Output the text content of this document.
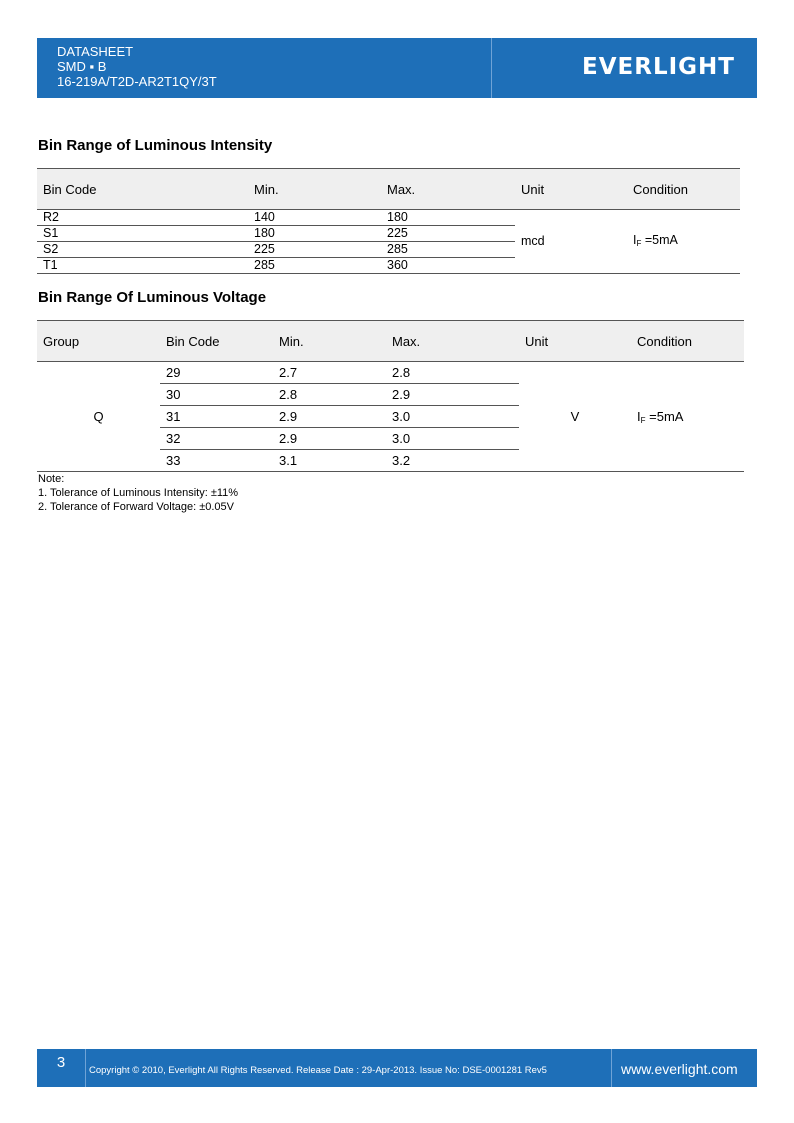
DATASHEET
SMD ▪ B
16-219A/T2D-AR2T1QY/3T
EVERLIGHT
Bin Range of Luminous Intensity
Bin Code	Min.	Max.	Unit	Condition
R2	140	180	mcd	$I_F =5mA$
S1	180	225		
S2	225	285		
T1	285	360		
Bin Range Of Luminous Voltage
Group	Bin Code	Min.	Max.	Unit	Condition
Q	29	2.7	2.8	V	$I_F =5mA$
	30	2.8	2.9		
	31	2.9	3.0		
	32	2.9	3.0		
	33	3.1	3.2		
Note:
1. Tolerance of Luminous Intensity: ±11%
2. Tolerance of Forward Voltage: ±0.05V
3	Copyright © 2010, Everlight All Rights Reserved. Release Date : 29-Apr-2013. Issue No: DSE-0001281 Rev5	www.everlight.com
